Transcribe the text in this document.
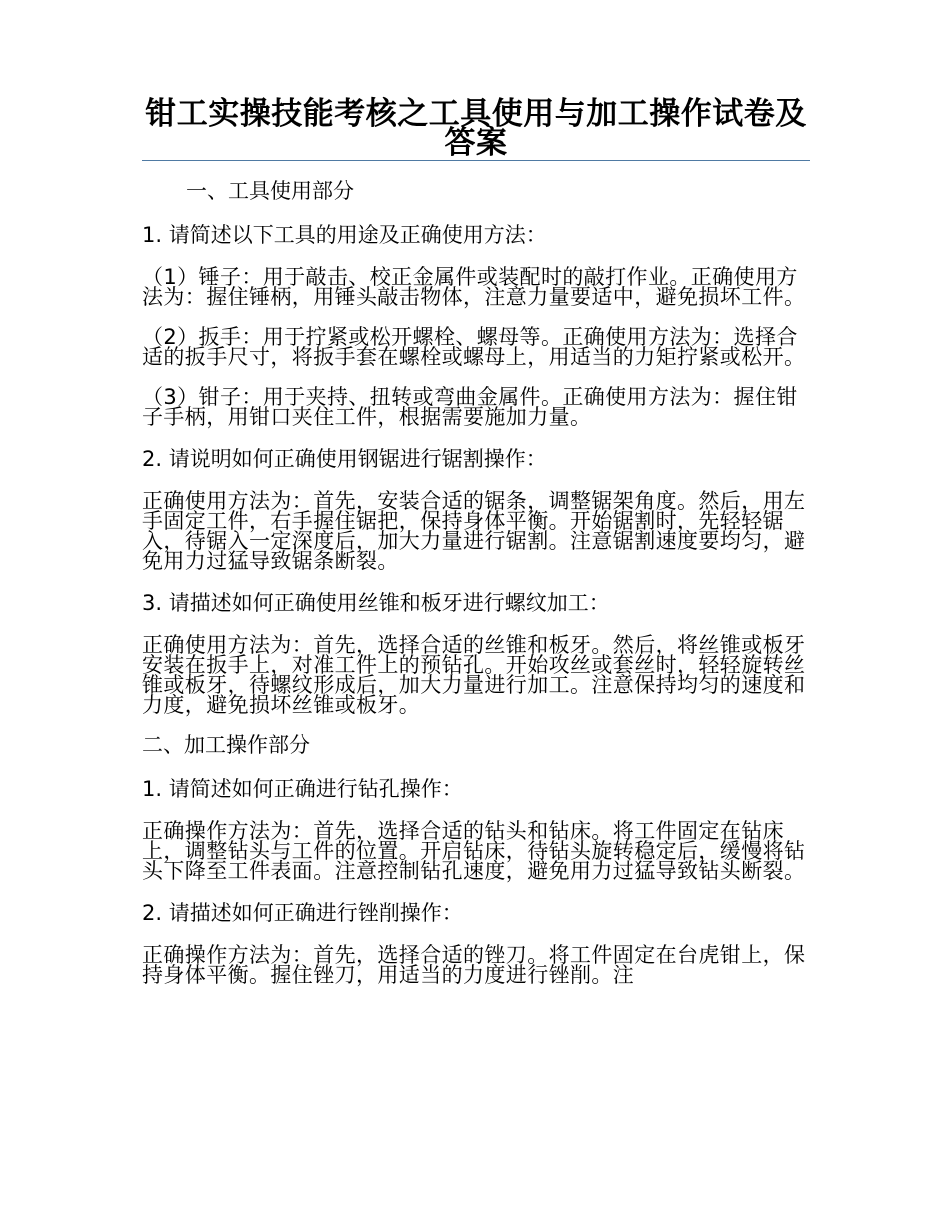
钳工实操技能考核之工具使用与加工操作试卷及答案
一、工具使用部分
1. 请简述以下工具的用途及正确使用方法：
（1）锤子：用于敲击、校正金属件或装配时的敲打作业。正确使用方法为：握住锤柄，用锤头敲击物体，注意力量要适中，避免损坏工件。
（2）扳手：用于拧紧或松开螺栓、螺母等。正确使用方法为：选择合适的扳手尺寸，将扳手套在螺栓或螺母上，用适当的力矩拧紧或松开。
（3）钳子：用于夹持、扭转或弯曲金属件。正确使用方法为：握住钳子手柄，用钳口夹住工件，根据需要施加力量。
2. 请说明如何正确使用钢锯进行锯割操作：
正确使用方法为：首先，安装合适的锯条，调整锯架角度。然后，用左手固定工件，右手握住锯把，保持身体平衡。开始锯割时，先轻轻锯入，待锯入一定深度后，加大力量进行锯割。注意锯割速度要均匀，避免用力过猛导致锯条断裂。
3. 请描述如何正确使用丝锥和板牙进行螺纹加工：
正确使用方法为：首先，选择合适的丝锥和板牙。然后，将丝锥或板牙安装在扳手上，对准工件上的预钻孔。开始攻丝或套丝时，轻轻旋转丝锥或板牙，待螺纹形成后，加大力量进行加工。注意保持均匀的速度和力度，避免损坏丝锥或板牙。
二、加工操作部分
1. 请简述如何正确进行钻孔操作：
正确操作方法为：首先，选择合适的钻头和钻床。将工件固定在钻床上，调整钻头与工件的位置。开启钻床，待钻头旋转稳定后，缓慢将钻头下降至工件表面。注意控制钻孔速度，避免用力过猛导致钻头断裂。
2. 请描述如何正确进行锉削操作：
正确操作方法为：首先，选择合适的锉刀。将工件固定在台虎钳上，保持身体平衡。握住锉刀，用适当的力度进行锉削。注
